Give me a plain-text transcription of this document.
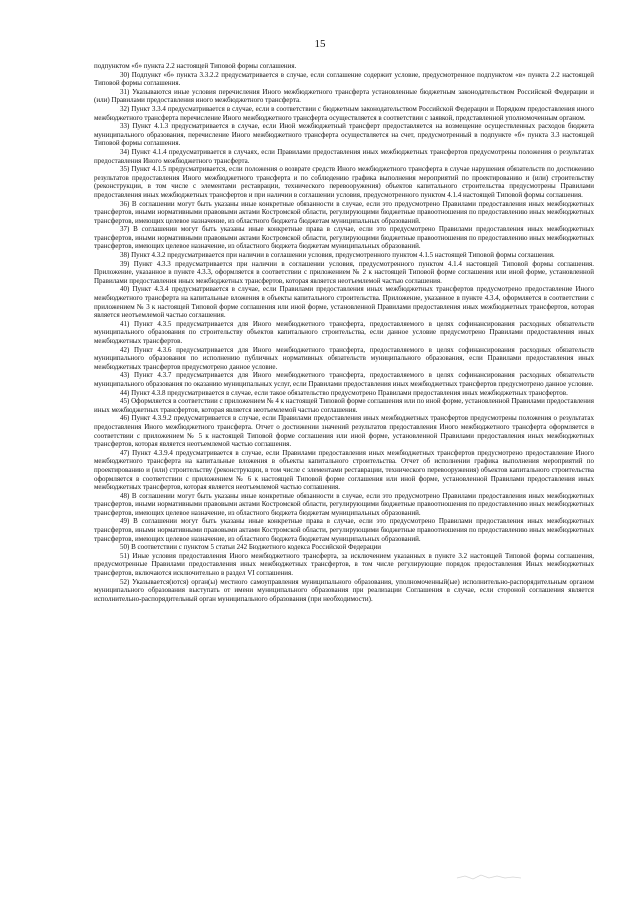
15

подпунктом «б» пункта 2.2 настоящей Типовой формы соглашения.

30) Подпункт «б» пункта 3.3.2.2 предусматривается в случае, если соглашение содержит условие, предусмотренное подпунктом «в» пункта 2.2 настоящей Типовой формы соглашения.

31) Указываются иные условия перечисления Иного межбюджетного трансферта установленные бюджетным законодательством Российской Федерации и (или) Правилами предоставления иного межбюджетного трансферта.

32) Пункт 3.3.4 предусматривается в случае, если в соответствии с бюджетным законодательством Российской Федерации и Порядком предоставления иного межбюджетного трансферта перечисление Иного межбюджетного трансферта осуществляется в соответствии с заявкой, представленной уполномоченным органом.

33) Пункт 4.1.3 предусматривается в случае, если Иной межбюджетный трансферт предоставляется на возмещение осуществленных расходов бюджета муниципального образования, перечисление Иного межбюджетного трансферта осуществляется на счет, предусмотренный в подпункте «б» пункта 3.3 настоящей Типовой формы соглашения.

34) Пункт 4.1.4 предусматривается в случаях, если Правилами предоставления иных межбюджетных трансфертов предусмотрены положения о результатах предоставления Иного межбюджетного трансферта.

35) Пункт 4.1.5 предусматривается, если положения о возврате средств Иного межбюджетного трансферта в случае нарушения обязательств по достижению результатов предоставления Иного межбюджетного трансферта и по соблюдению графика выполнения мероприятий по проектированию и (или) строительству (реконструкции, в том числе с элементами реставрации, технического перевооружения) объектов капитального строительства предусмотрены Правилами предоставления иных межбюджетных трансфертов и при наличии в соглашении условия, предусмотренного пунктом 4.1.4 настоящей Типовой формы соглашения.

36) В соглашении могут быть указаны иные конкретные обязанности в случае, если это предусмотрено Правилами предоставления иных межбюджетных трансфертов, иными нормативными правовыми актами Костромской области, регулирующими бюджетные правоотношения по предоставлению иных межбюджетных трансфертов, имеющих целевое назначение, из областного бюджета бюджетам муниципальных образований.

37) В соглашении могут быть указаны иные конкретные права в случае, если это предусмотрено Правилами предоставления иных межбюджетных трансфертов, иными нормативными правовыми актами Костромской области, регулирующими бюджетные правоотношения по предоставлению иных межбюджетных трансфертов, имеющих целевое назначение, из областного бюджета бюджетам муниципальных образований.

38) Пункт 4.3.2 предусматривается при наличии в соглашении условия, предусмотренного пунктом 4.1.5 настоящей Типовой формы соглашения.

39) Пункт 4.3.3 предусматривается при наличии в соглашении условия, предусмотренного пунктом 4.1.4 настоящей Типовой формы соглашения. Приложение, указанное в пункте 4.3.3, оформляется в соответствии с приложением № 2 к настоящей Типовой форме соглашения или иной форме, установленной Правилами предоставления иных межбюджетных трансфертов, которая является неотъемлемой частью соглашения.

40) Пункт 4.3.4 предусматривается в случае, если Правилами предоставления иных межбюджетных трансфертов предусмотрено предоставление Иного межбюджетного трансферта на капитальные вложения в объекты капитального строительства. Приложение, указанное в пункте 4.3.4, оформляется в соответствии с приложением № 3 к настоящей Типовой форме соглашения или иной форме, установленной Правилами предоставления иных межбюджетных трансфертов, которая является неотъемлемой частью соглашения.

41) Пункт 4.3.5 предусматривается для Иного межбюджетного трансферта, предоставляемого в целях софинансирования расходных обязательств муниципального образования по строительству объектов капитального строительства, если данное условие предусмотрено Правилами предоставления иных межбюджетных трансфертов.

42) Пункт 4.3.6 предусматривается для Иного межбюджетного трансферта, предоставляемого в целях софинансирования расходных обязательств муниципального образования по исполнению публичных нормативных обязательств муниципального образования, если Правилами предоставления иных межбюджетных трансфертов предусмотрено данное условие.

43) Пункт 4.3.7 предусматривается для Иного межбюджетного трансферта, предоставляемого в целях софинансирования расходных обязательств муниципального образования по оказанию муниципальных услуг, если Правилами предоставления иных межбюджетных трансфертов предусмотрено данное условие.

44) Пункт 4.3.8 предусматривается в случае, если такое обязательство предусмотрено Правилами предоставления иных межбюджетных трансфертов.

45) Оформляется в соответствии с приложением № 4 к настоящей Типовой форме соглашения или по иной форме, установленной Правилами предоставления иных межбюджетных трансфертов, которая является неотъемлемой частью соглашения.

46) Пункт 4.3.9.2 предусматривается в случае, если Правилами предоставления иных межбюджетных трансфертов предусмотрены положения о результатах предоставления Иного межбюджетного трансферта. Отчет о достижении значений результатов предоставления Иного межбюджетного трансферта оформляется в соответствии с приложением № 5 к настоящей Типовой форме соглашения или иной форме, установленной Правилами предоставления иных межбюджетных трансфертов, которая является неотъемлемой частью соглашения.

47) Пункт 4.3.9.4 предусматривается в случае, если Правилами предоставления иных межбюджетных трансфертов предусмотрено предоставление Иного межбюджетного трансферта на капитальные вложения в объекты капитального строительства. Отчет об исполнении графика выполнения мероприятий по проектированию и (или) строительству (реконструкции, в том числе с элементами реставрации, технического перевооружения) объектов капитального строительства оформляется в соответствии с приложением № 6 к настоящей Типовой форме соглашения или иной форме, установленной Правилами предоставления иных межбюджетных трансфертов, которая является неотъемлемой частью соглашения.

48) В соглашении могут быть указаны иные конкретные обязанности в случае, если это предусмотрено Правилами предоставления иных межбюджетных трансфертов, иными нормативными правовыми актами Костромской области, регулирующими бюджетные правоотношения по предоставлению иных межбюджетных трансфертов, имеющих целевое назначение, из областного бюджета бюджетам муниципальных образований.

49) В соглашении могут быть указаны иные конкретные права в случае, если это предусмотрено Правилами предоставления иных межбюджетных трансфертов, иными нормативными правовыми актами Костромской области, регулирующими бюджетные правоотношения по предоставлению иных межбюджетных трансфертов, имеющих целевое назначение, из областного бюджета бюджетам муниципальных образований.

50) В соответствии с пунктом 5 статьи 242 Бюджетного кодекса Российской Федерации

51) Иные условия предоставления Иного межбюджетного трансферта, за исключением указанных в пункте 3.2 настоящей Типовой формы соглашения, предусмотренные Правилами предоставления иных межбюджетных трансфертов, в том числе регулирующие порядок предоставления Иных межбюджетных трансфертов, включаются исключительно в раздел VI соглашения.

52) Указывается(ются) орган(ы) местного самоуправления муниципального образования, уполномоченный(ые) исполнительно-распорядительным органом муниципального образования выступать от имени муниципального образования при реализации Соглашения в случае, если стороной соглашения является исполнительно-распорядительный орган муниципального образования (при необходимости).
